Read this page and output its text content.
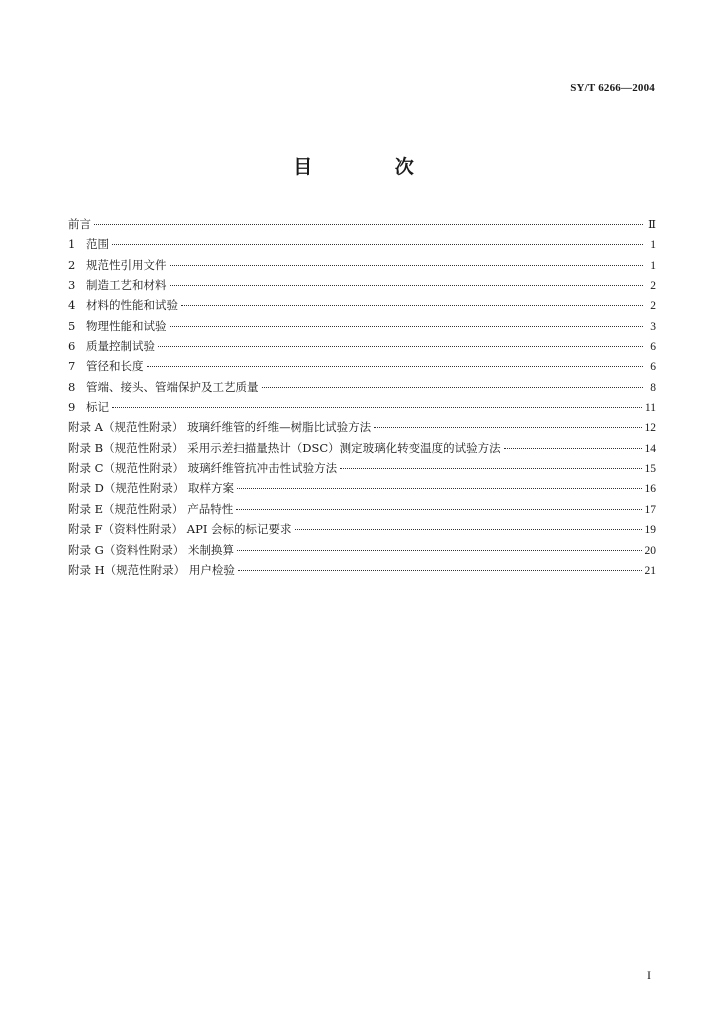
SY/T 6266—2004
目 次
前言	Ⅱ
1 范围	1
2 规范性引用文件	1
3 制造工艺和材料	2
4 材料的性能和试验	2
5 物理性能和试验	3
6 质量控制试验	6
7 管径和长度	6
8 管端、接头、管端保护及工艺质量	8
9 标记	11
附录 A（规范性附录） 玻璃纤维管的纤维—树脂比试验方法	12
附录 B（规范性附录） 采用示差扫描量热计（DSC）测定玻璃化转变温度的试验方法	14
附录 C（规范性附录） 玻璃纤维管抗冲击性试验方法	15
附录 D（规范性附录） 取样方案	16
附录 E（规范性附录） 产品特性	17
附录 F（资料性附录） API 会标的标记要求	19
附录 G（资料性附录） 米制换算	20
附录 H（规范性附录） 用户检验	21
I
